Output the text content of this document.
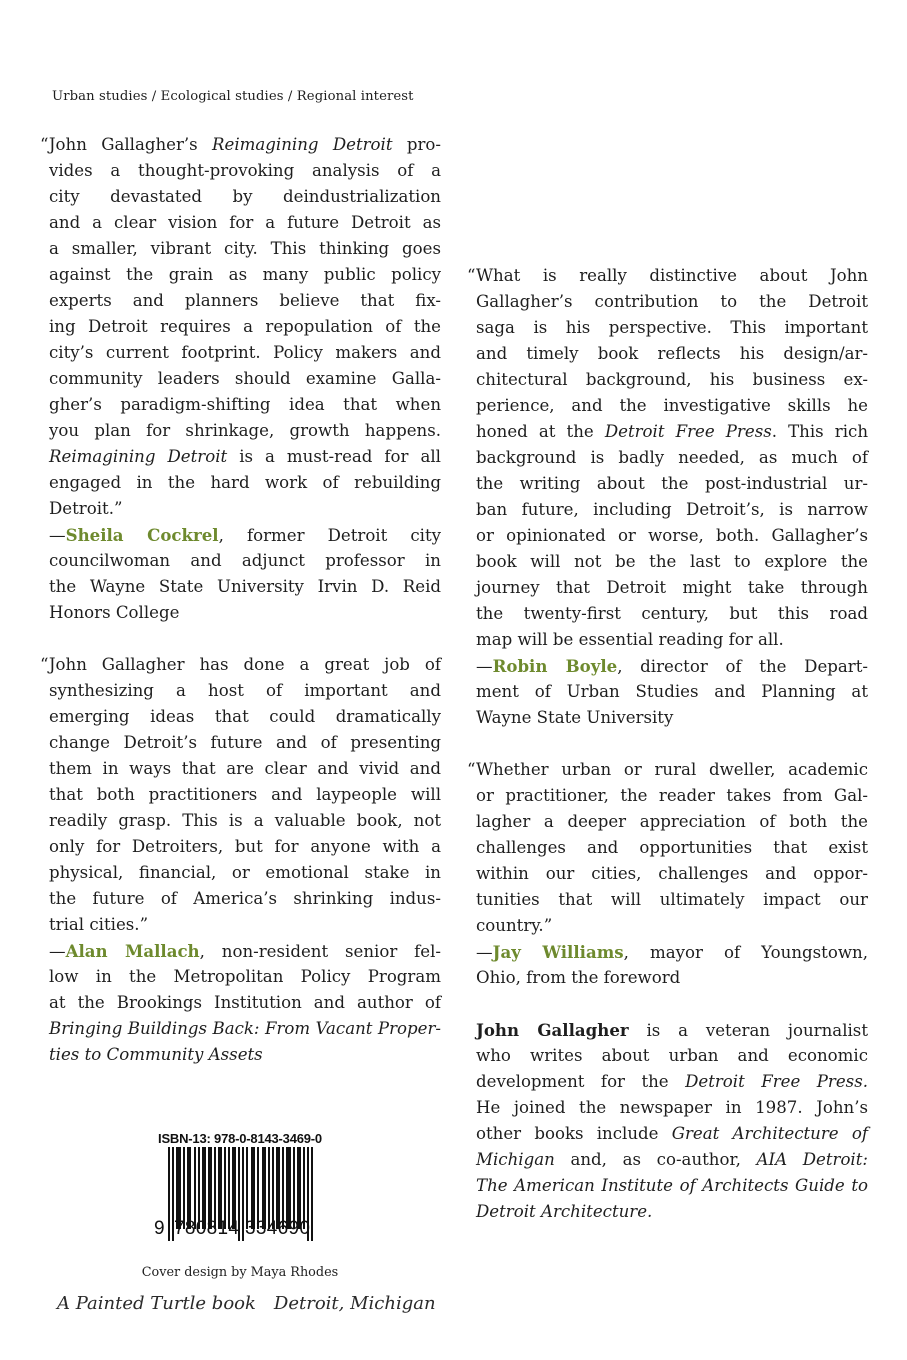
Urban studies / Ecological studies / Regional interest
“John Gallagher’s Reimagining Detroit pro-
vides a thought-provoking analysis of a
city devastated by deindustrialization
and a clear vision for a future Detroit as
a smaller, vibrant city. This thinking goes
against the grain as many public policy
experts and planners believe that fix-
ing Detroit requires a repopulation of the
city’s current footprint. Policy makers and
community leaders should examine Galla-
gher’s paradigm-shifting idea that when
you plan for shrinkage, growth happens.
Reimagining Detroit is a must-read for all
engaged in the hard work of rebuilding
Detroit.”
—Sheila Cockrel, former Detroit city
councilwoman and adjunct professor in
the Wayne State University Irvin D. Reid
Honors College
“John Gallagher has done a great job of
synthesizing a host of important and
emerging ideas that could dramatically
change Detroit’s future and of presenting
them in ways that are clear and vivid and
that both practitioners and laypeople will
readily grasp. This is a valuable book, not
only for Detroiters, but for anyone with a
physical, financial, or emotional stake in
the future of America’s shrinking indus-
trial cities.”
—Alan Mallach, non-resident senior fel-
low in the Metropolitan Policy Program
at the Brookings Institution and author of
Bringing Buildings Back: From Vacant Proper-
ties to Community Assets
“What is really distinctive about John
Gallagher’s contribution to the Detroit
saga is his perspective. This important
and timely book reflects his design/ar-
chitectural background, his business ex-
perience, and the investigative skills he
honed at the Detroit Free Press. This rich
background is badly needed, as much of
the writing about the post-industrial ur-
ban future, including Detroit’s, is narrow
or opinionated or worse, both. Gallagher’s
book will not be the last to explore the
journey that Detroit might take through
the twenty-first century, but this road
map will be essential reading for all.
—Robin Boyle, director of the Depart-
ment of Urban Studies and Planning at
Wayne State University
“Whether urban or rural dweller, academic
or practitioner, the reader takes from Gal-
lagher a deeper appreciation of both the
challenges and opportunities that exist
within our cities, challenges and oppor-
tunities that will ultimately impact our
country.”
—Jay Williams, mayor of Youngstown,
Ohio, from the foreword
John Gallagher is a veteran journalist
who writes about urban and economic
development for the Detroit Free Press.
He joined the newspaper in 1987. John’s
other books include Great Architecture of
Michigan and, as co-author, AIA Detroit:
The American Institute of Architects Guide to
Detroit Architecture.
ISBN-13: 978-0-8143-3469-0
9 780814 334690
Cover design by Maya Rhodes
A Painted Turtle book Detroit, Michigan
